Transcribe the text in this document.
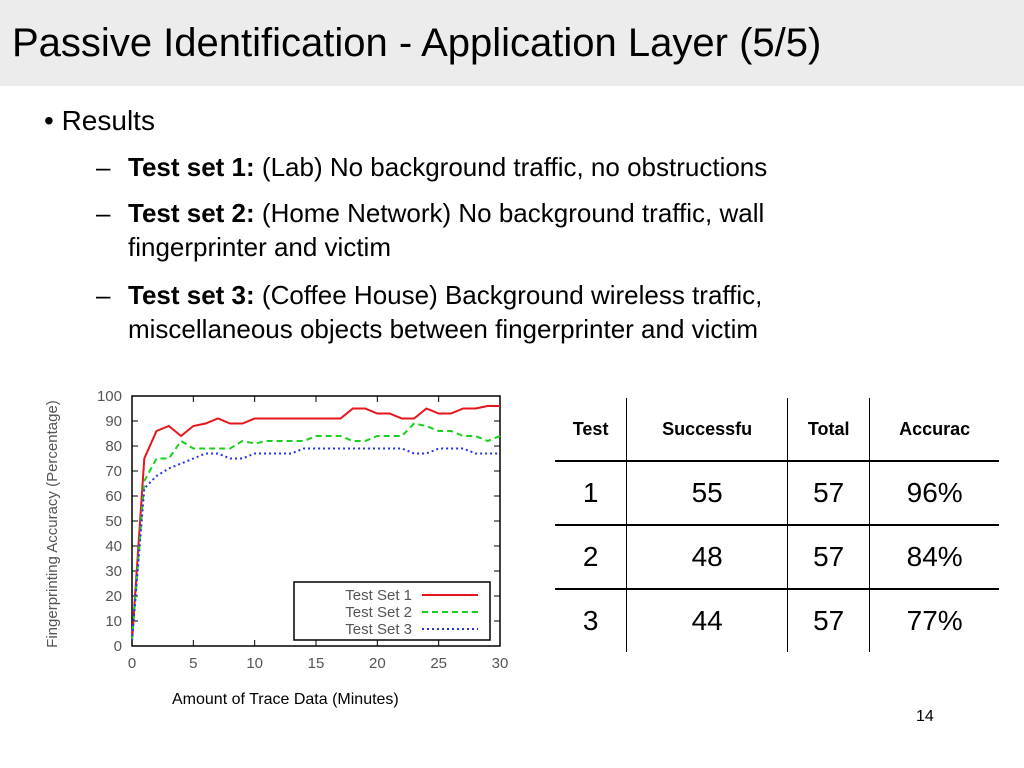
Passive Identification - Application Layer (5/5)
• Results
– Test set 1: (Lab) No background traffic, no obstructions
– Test set 2: (Home Network) No background traffic, wall fingerprinter and victim
– Test set 3: (Coffee House) Background wireless traffic, miscellaneous objects between fingerprinter and victim
0
10
20
30
40
50
60
70
80
90
100
0	5	10	15	20	25	30
Test Set 1
Test Set 2
Test Set 3
Fingerprinting Accuracy (Percentage)
Amount of Trace Data (Minutes)
Test	Successfu	Total	Accurac
1	55	57	96%
2	48	57	84%
3	44	57	77%
14
